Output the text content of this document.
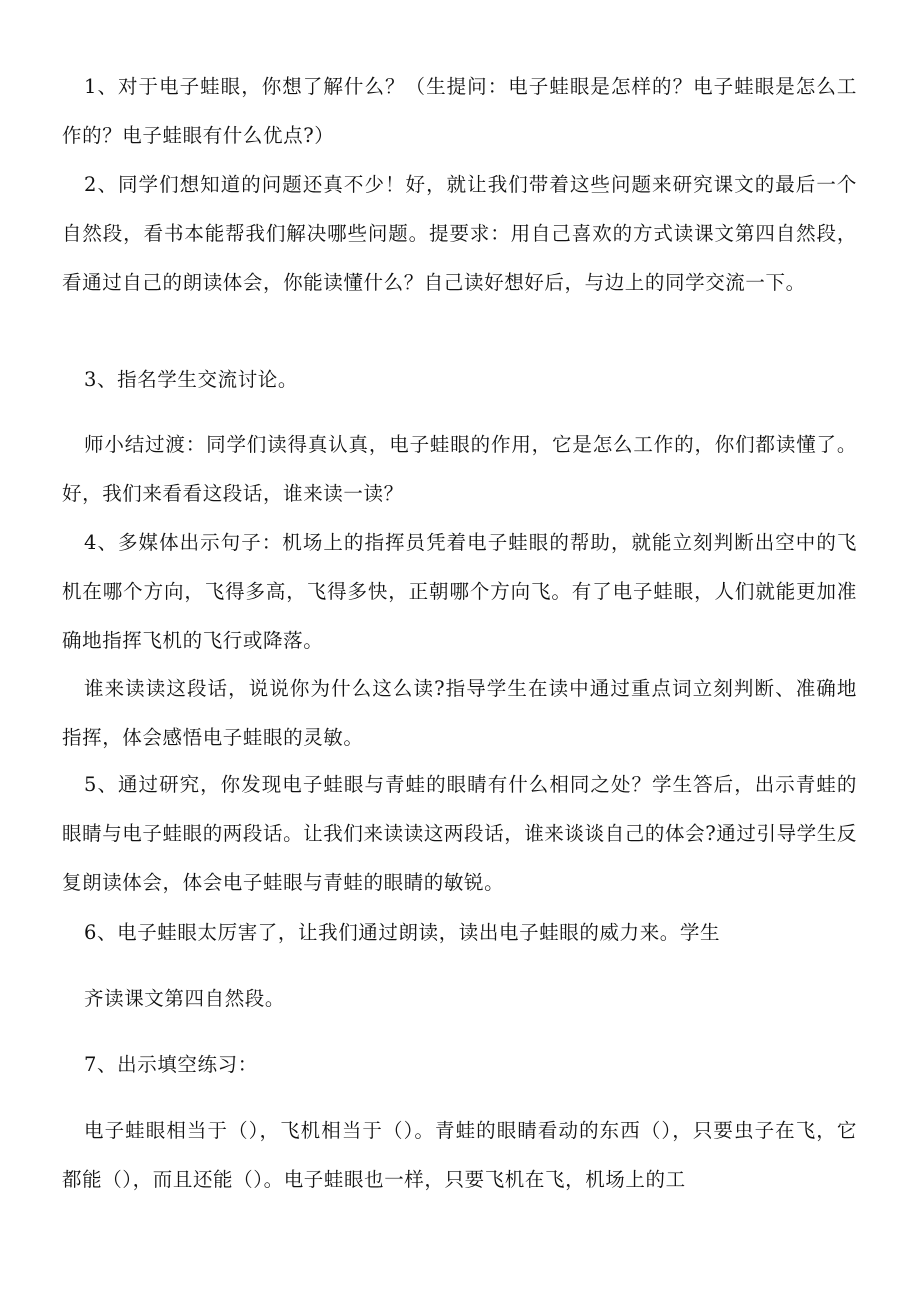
1、对于电子蛙眼，你想了解什么？（生提问：电子蛙眼是怎样的？电子蛙眼是怎么工作的？电子蛙眼有什么优点?）

2、同学们想知道的问题还真不少！好，就让我们带着这些问题来研究课文的最后一个自然段，看书本能帮我们解决哪些问题。提要求：用自己喜欢的方式读课文第四自然段，看通过自己的朗读体会，你能读懂什么？自己读好想好后，与边上的同学交流一下。

3、指名学生交流讨论。

师小结过渡：同学们读得真认真，电子蛙眼的作用，它是怎么工作的，你们都读懂了。好，我们来看看这段话，谁来读一读？

4、多媒体出示句子：机场上的指挥员凭着电子蛙眼的帮助，就能立刻判断出空中的飞机在哪个方向，飞得多高，飞得多快，正朝哪个方向飞。有了电子蛙眼，人们就能更加准确地指挥飞机的飞行或降落。

谁来读读这段话，说说你为什么这么读?指导学生在读中通过重点词立刻判断、准确地指挥，体会感悟电子蛙眼的灵敏。

5、通过研究，你发现电子蛙眼与青蛙的眼睛有什么相同之处？学生答后，出示青蛙的眼睛与电子蛙眼的两段话。让我们来读读这两段话，谁来谈谈自己的体会?通过引导学生反复朗读体会，体会电子蛙眼与青蛙的眼睛的敏锐。

6、电子蛙眼太厉害了，让我们通过朗读，读出电子蛙眼的威力来。学生

齐读课文第四自然段。

7、出示填空练习：

电子蛙眼相当于（），飞机相当于（）。青蛙的眼睛看动的东西（），只要虫子在飞，它都能（），而且还能（）。电子蛙眼也一样，只要飞机在飞，机场上的工
